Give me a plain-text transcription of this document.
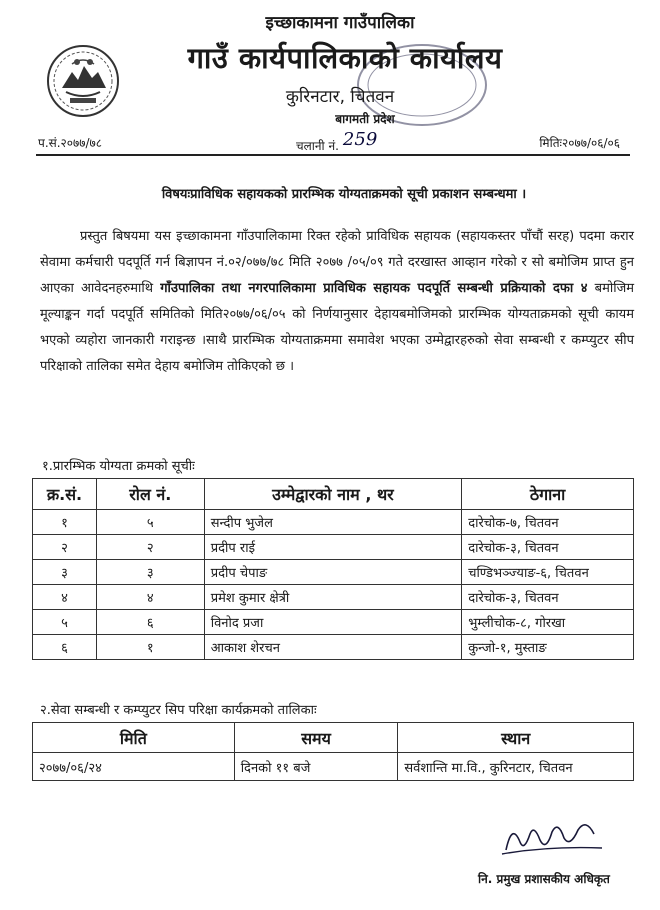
इच्छाकामना गाउँपालिका
गाउँ कार्यपालिकाको कार्यालय
कुरिनटार, चितवन
बागमती प्रदेश
प.सं.२०७७/७८	चलानी नं. 259	मितिः२०७७/०६/०६
विषयःप्राविधिक सहायकको प्रारम्भिक योग्यताक्रमको सूची प्रकाशन सम्बन्धमा ।

प्रस्तुत बिषयमा यस इच्छाकामना गाँउपालिकामा रिक्त रहेको प्राविधिक सहायक (सहायकस्तर पाँचौं सरह) पदमा करार सेवामा कर्मचारी पदपूर्ति गर्न बिज्ञापन नं.०२/०७७/७८ मिति २०७७ /०५/०९ गते दरखास्त आव्हान गरेको र सो बमोजिम प्राप्त हुन आएका आवेदनहरुमाथि गाँउपालिका तथा नगरपालिकामा प्राविधिक सहायक पदपूर्ति सम्बन्धी प्रक्रियाको दफा ४ बमोजिम मूल्याङ्कन गर्दा पदपूर्ति समितिको मिति२०७७/०६/०५ को निर्णयानुसार देहायबमोजिमको प्रारम्भिक योग्यताक्रमको सूची कायम भएको व्यहोरा जानकारी गराइन्छ ।साथै प्रारम्भिक योग्यताक्रममा समावेश भएका उम्मेद्वारहरुको सेवा सम्बन्धी र कम्प्युटर सीप परिक्षाको तालिका समेत देहाय बमोजिम तोकिएको छ ।

१.प्रारम्भिक योग्यता क्रमको सूचीः
क्र.सं.	रोल नं.	उम्मेद्वारको नाम , थर	ठेगाना
१	५	सन्दीप भुजेल	दारेचोक-७, चितवन
२	२	प्रदीप राई	दारेचोक-३, चितवन
३	३	प्रदीप चेपाङ	चण्डिभञ्ज्याङ-६, चितवन
४	४	प्रमेश कुमार क्षेत्री	दारेचोक-३, चितवन
५	६	विनोद प्रजा	भुम्लीचोक-८, गोरखा
६	१	आकाश शेरचन	कुन्जो-१, मुस्ताङ
२.सेवा सम्बन्धी र कम्प्युटर सिप परिक्षा कार्यक्रमको तालिकाः
मिति	समय	स्थान
२०७७/०६/२४	दिनको ११ बजे	सर्वशान्ति मा.वि., कुरिनटार, चितवन
नि. प्रमुख प्रशासकीय अधिकृत
